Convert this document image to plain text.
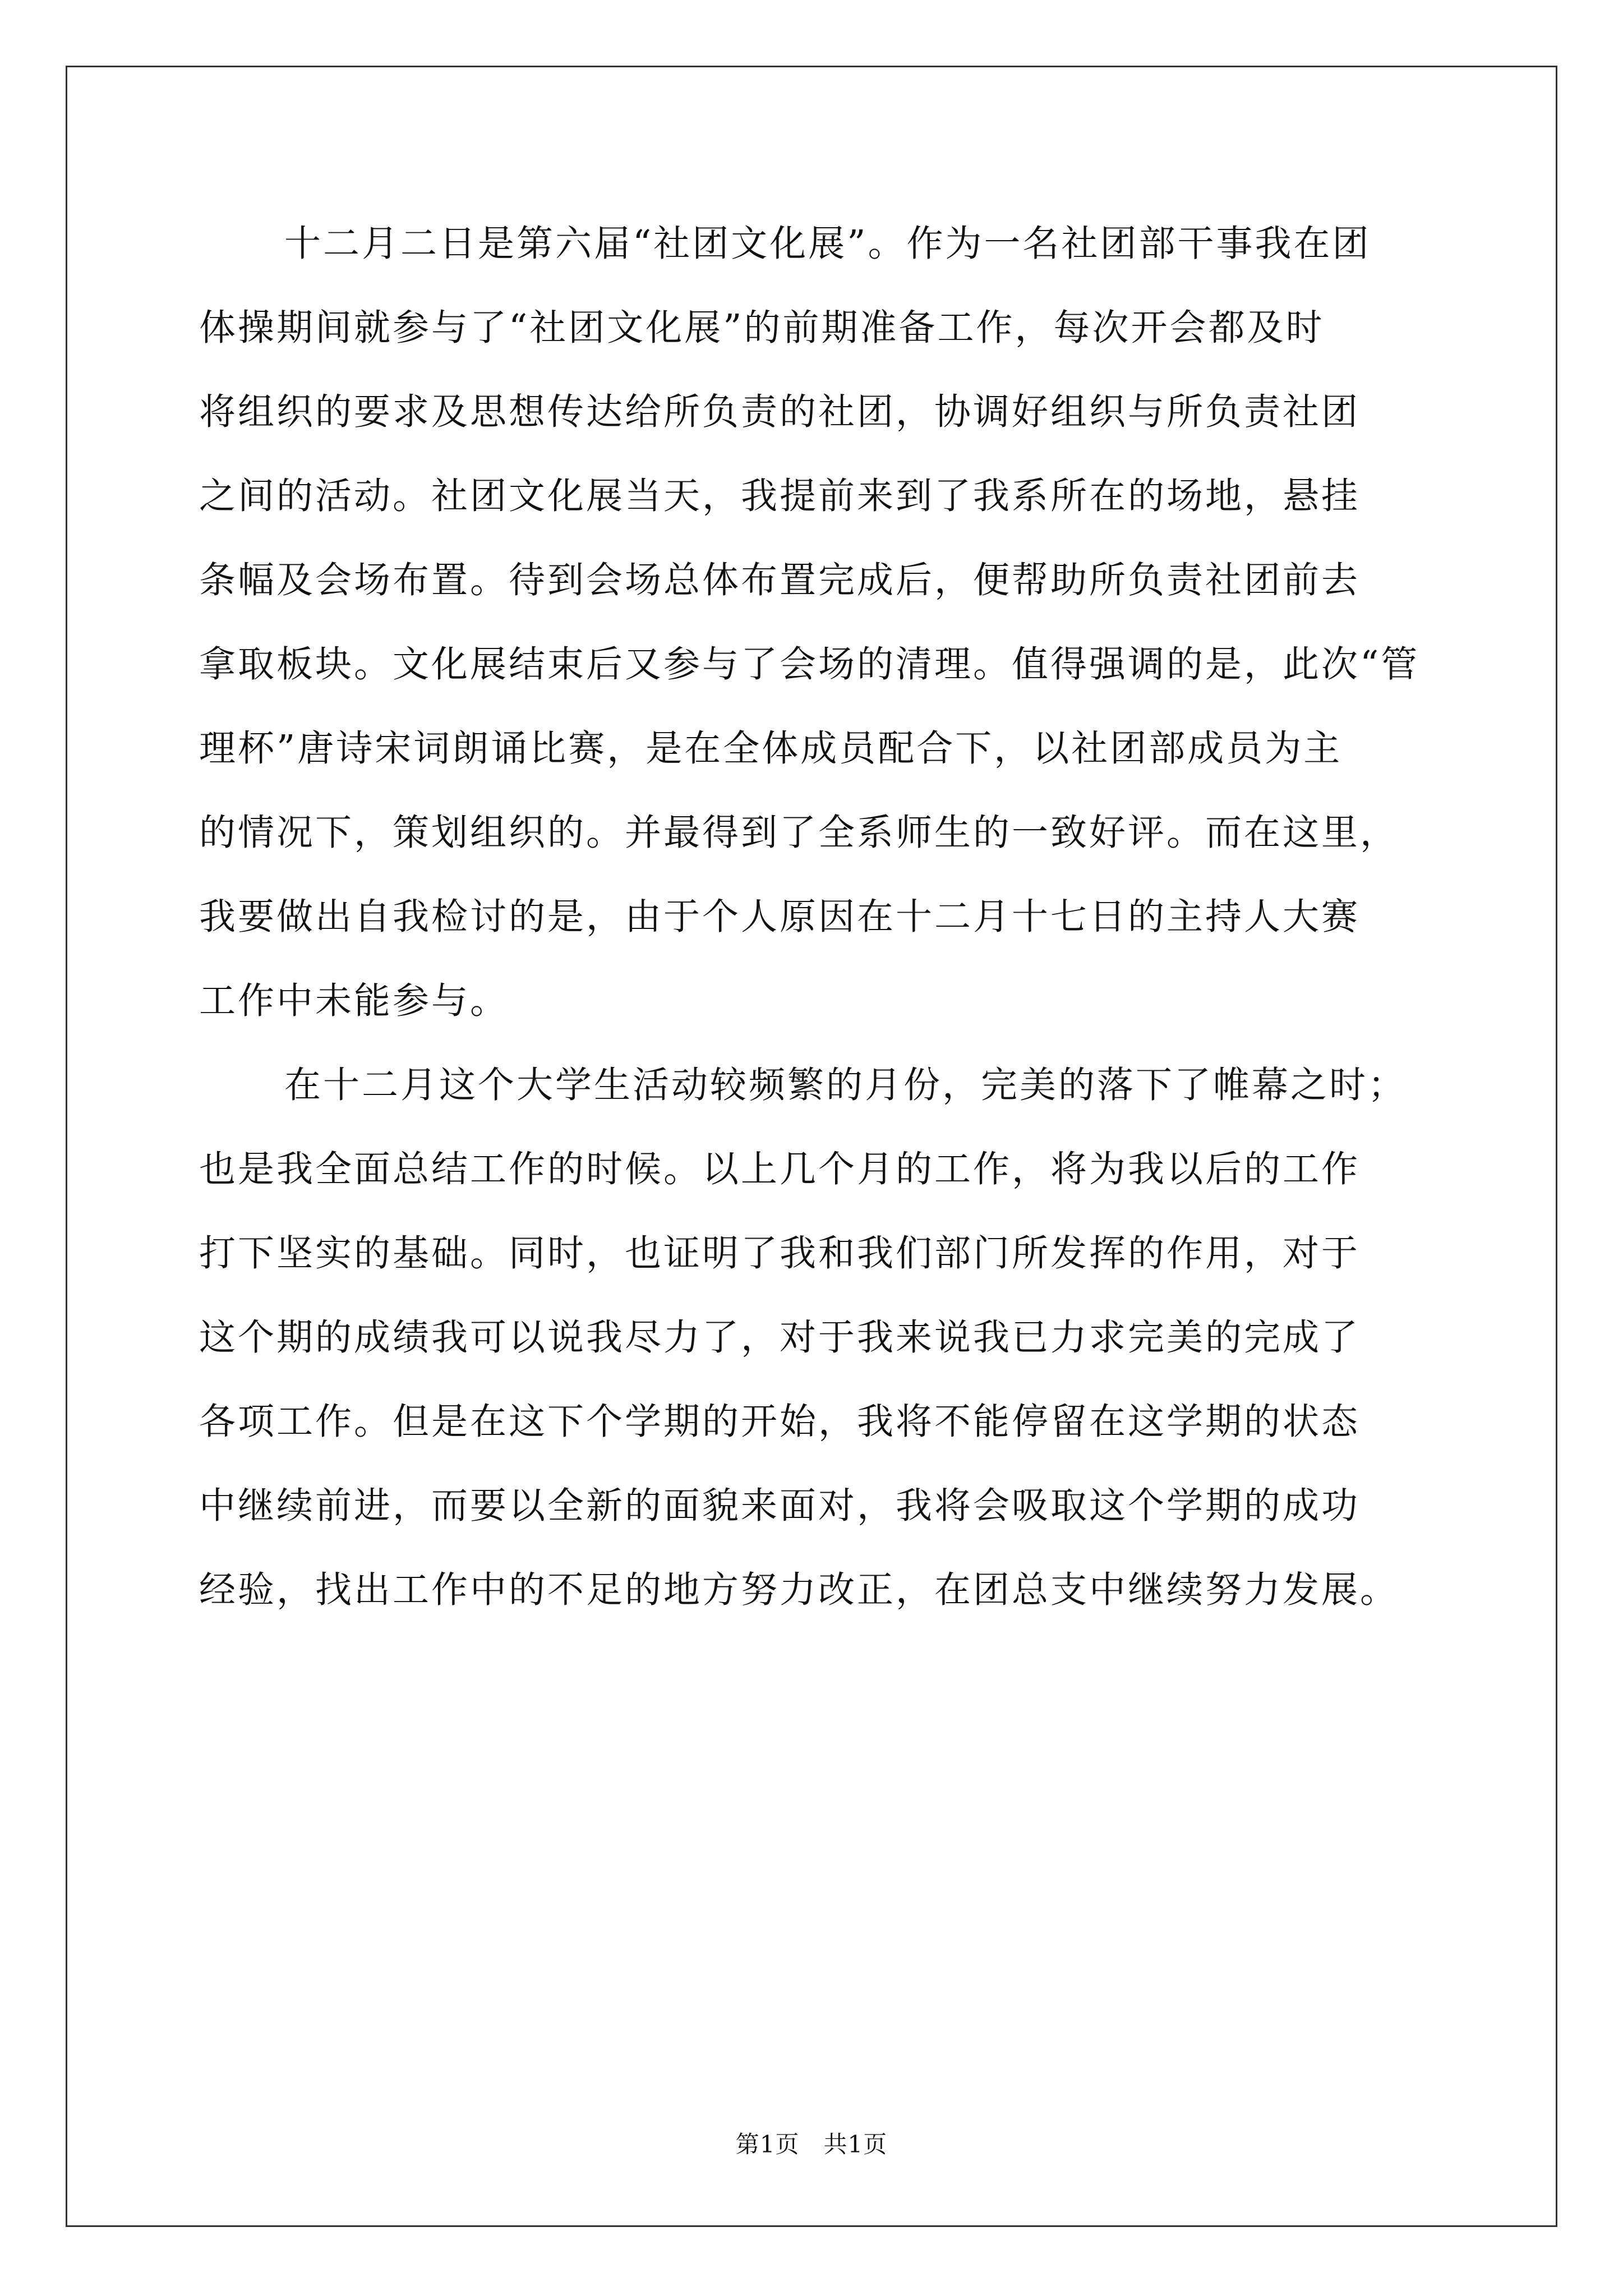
十二月二日是第六届“社团文化展”。作为一名社团部干事我在团
体操期间就参与了“社团文化展”的前期准备工作，每次开会都及时
将组织的要求及思想传达给所负责的社团，协调好组织与所负责社团
之间的活动。社团文化展当天，我提前来到了我系所在的场地，悬挂
条幅及会场布置。待到会场总体布置完成后，便帮助所负责社团前去
拿取板块。文化展结束后又参与了会场的清理。值得强调的是，此次“管
理杯”唐诗宋词朗诵比赛，是在全体成员配合下，以社团部成员为主
的情况下，策划组织的。并最得到了全系师生的一致好评。而在这里，
我要做出自我检讨的是，由于个人原因在十二月十七日的主持人大赛
工作中未能参与。
在十二月这个大学生活动较频繁的月份，完美的落下了帷幕之时；
也是我全面总结工作的时候。以上几个月的工作，将为我以后的工作
打下坚实的基础。同时，也证明了我和我们部门所发挥的作用，对于
这个期的成绩我可以说我尽力了，对于我来说我已力求完美的完成了
各项工作。但是在这下个学期的开始，我将不能停留在这学期的状态
中继续前进，而要以全新的面貌来面对，我将会吸取这个学期的成功
经验，找出工作中的不足的地方努力改正，在团总支中继续努力发展。
第1页   共1页
